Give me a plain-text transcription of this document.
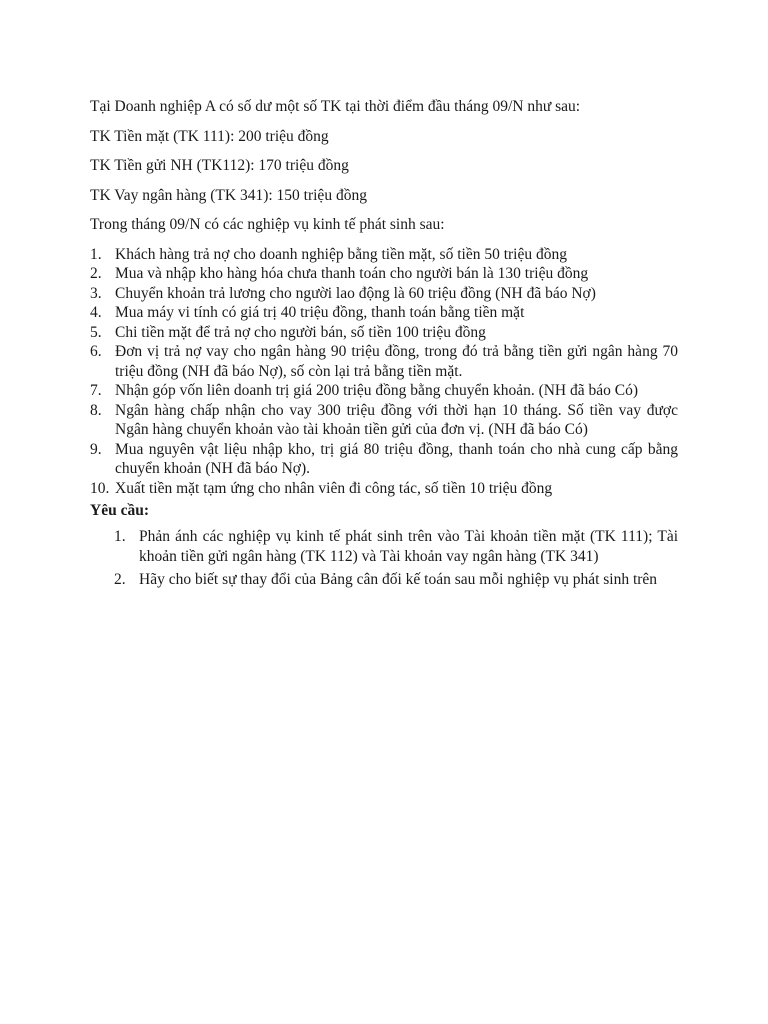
Tại Doanh nghiệp A có số dư một số TK tại thời điểm đầu tháng 09/N như sau:

TK Tiền mặt (TK 111): 200 triệu đồng

TK Tiền gửi NH (TK112): 170 triệu đồng

TK Vay ngân hàng (TK 341): 150 triệu đồng

Trong tháng 09/N có các nghiệp vụ kinh tế phát sinh sau:

1. Khách hàng trả nợ cho doanh nghiệp bằng tiền mặt, số tiền 50 triệu đồng
2. Mua và nhập kho hàng hóa chưa thanh toán cho người bán là 130 triệu đồng
3. Chuyển khoản trả lương cho người lao động là 60 triệu đồng (NH đã báo Nợ)
4. Mua máy vi tính có giá trị 40 triệu đồng, thanh toán bằng tiền mặt
5. Chi tiền mặt để trả nợ cho người bán, số tiền 100 triệu đồng
6. Đơn vị trả nợ vay cho ngân hàng 90 triệu đồng, trong đó trả bằng tiền gửi ngân hàng 70 triệu đồng (NH đã báo Nợ), số còn lại trả bằng tiền mặt.
7. Nhận góp vốn liên doanh trị giá 200 triệu đồng bằng chuyển khoản. (NH đã báo Có)
8. Ngân hàng chấp nhận cho vay 300 triệu đồng với thời hạn 10 tháng. Số tiền vay được Ngân hàng chuyển khoản vào tài khoản tiền gửi của đơn vị. (NH đã báo Có)
9. Mua nguyên vật liệu nhập kho, trị giá 80 triệu đồng, thanh toán cho nhà cung cấp bằng chuyển khoản (NH đã báo Nợ).
10. Xuất tiền mặt tạm ứng cho nhân viên đi công tác, số tiền 10 triệu đồng

Yêu cầu:

1. Phản ánh các nghiệp vụ kinh tế phát sinh trên vào Tài khoản tiền mặt (TK 111); Tài khoản tiền gửi ngân hàng (TK 112) và Tài khoản vay ngân hàng (TK 341)
2. Hãy cho biết sự thay đổi của Bảng cân đối kế toán sau mỗi nghiệp vụ phát sinh trên
